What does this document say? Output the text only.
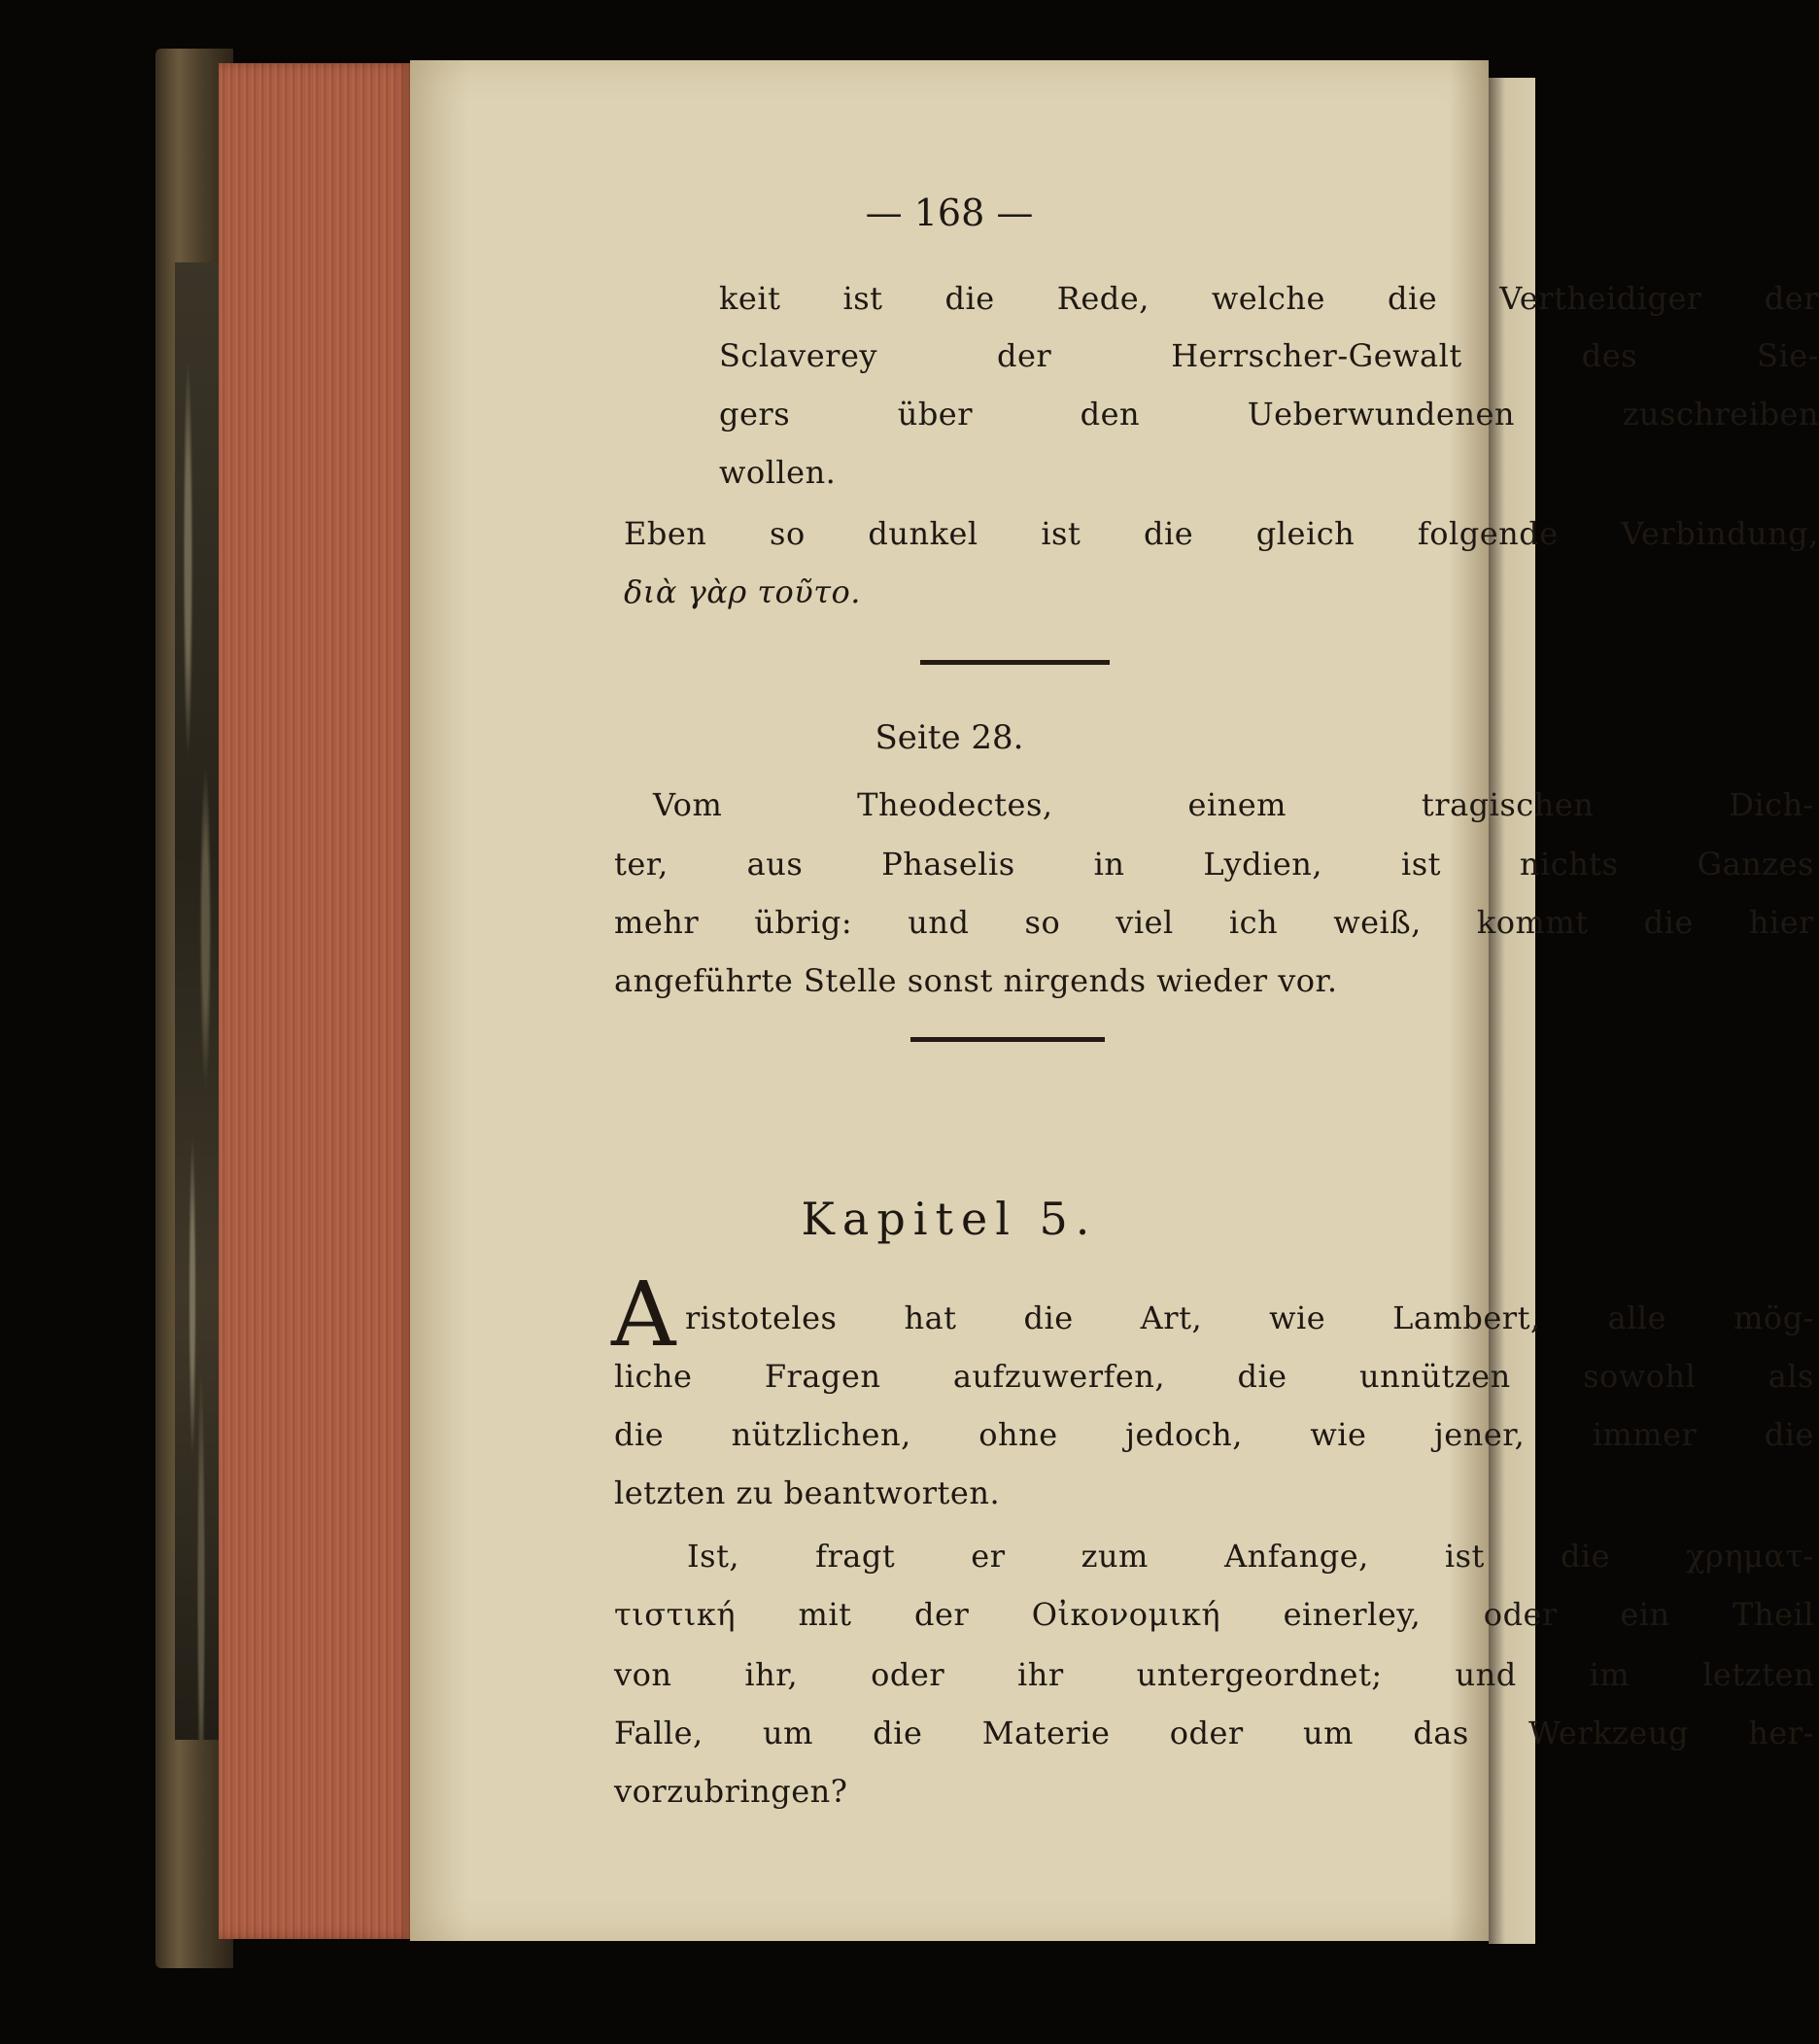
— 168 —
keit ist die Rede, welche die Vertheidiger der
Sclaverey	der	Herrscher-Gewalt	des	Sie-
gers	über	den	Ueberwundenen	zuschreiben
wollen.
Eben so dunkel ist die gleich folgende Verbindung,
διὰ γὰρ τοῦτο.
Seite 28.
Vom	Theodectes,	einem	tragischen	Dich-
ter,	aus	Phaselis	in	Lydien,	ist	nichts	Ganzes
mehr übrig: und so viel ich weiß, kommt die hier
angeführte Stelle sonst nirgends wieder vor.
Kapitel 5.
A ristoteles hat die Art, wie Lambert, alle mög-
liche Fragen aufzuwerfen, die unnützen sowohl als
die nützlichen, ohne jedoch, wie jener, immer die
letzten zu beantworten.
Ist, fragt er zum Anfange, ist die χρηματ-
τιστική mit der Οἰκονομική einerley, oder ein Theil
von ihr, oder ihr untergeordnet; und im letzten
Falle, um die Materie oder um das Werkzeug her-
vorzubringen?
